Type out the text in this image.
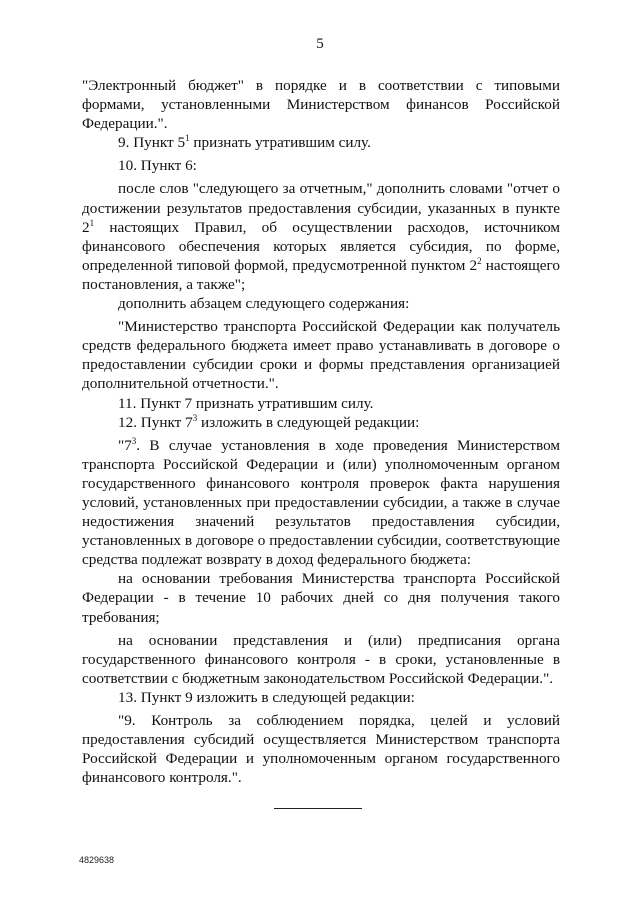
5

"Электронный бюджет" в порядке и в соответствии с типовыми формами, установленными Министерством финансов Российской Федерации.".

9. Пункт $5^1$ признать утратившим силу.

10. Пункт 6:

после слов "следующего за отчетным," дополнить словами "отчет о достижении результатов предоставления субсидии, указанных в пункте $2^1$ настоящих Правил, об осуществлении расходов, источником финансового обеспечения которых является субсидия, по форме, определенной типовой формой, предусмотренной пунктом $2^2$ настоящего постановления, а также";

дополнить абзацем следующего содержания:

"Министерство транспорта Российской Федерации как получатель средств федерального бюджета имеет право устанавливать в договоре о предоставлении субсидии сроки и формы представления организацией дополнительной отчетности.".

11. Пункт 7 признать утратившим силу.

12. Пункт $7^3$ изложить в следующей редакции:

"$7^3$. В случае установления в ходе проведения Министерством транспорта Российской Федерации и (или) уполномоченным органом государственного финансового контроля проверок факта нарушения условий, установленных при предоставлении субсидии, а также в случае недостижения значений результатов предоставления субсидии, установленных в договоре о предоставлении субсидии, соответствующие средства подлежат возврату в доход федерального бюджета:

на основании требования Министерства транспорта Российской Федерации - в течение 10 рабочих дней со дня получения такого требования;

на основании представления и (или) предписания органа государственного финансового контроля - в сроки, установленные в соответствии с бюджетным законодательством Российской Федерации.".

13. Пункт 9 изложить в следующей редакции:

"9. Контроль за соблюдением порядка, целей и условий предоставления субсидий осуществляется Министерством транспорта Российской Федерации и уполномоченным органом государственного финансового контроля.".

4829638
